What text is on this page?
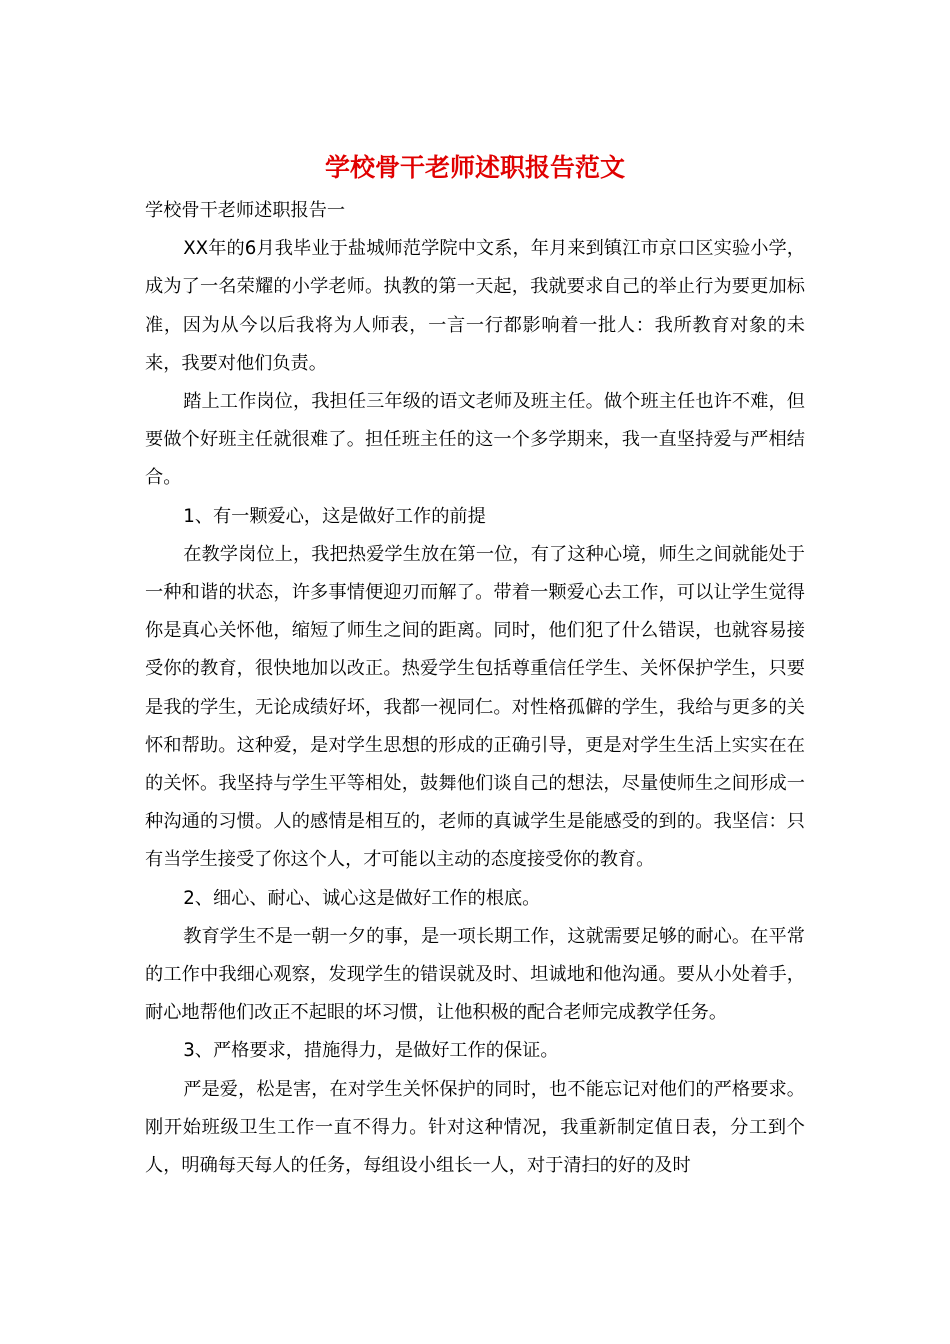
学校骨干老师述职报告范文

学校骨干老师述职报告一

XX年的6月我毕业于盐城师范学院中文系，年月来到镇江市京口区实验小学，成为了一名荣耀的小学老师。执教的第一天起，我就要求自己的举止行为要更加标准，因为从今以后我将为人师表，一言一行都影响着一批人：我所教育对象的未来，我要对他们负责。

踏上工作岗位，我担任三年级的语文老师及班主任。做个班主任也许不难，但要做个好班主任就很难了。担任班主任的这一个多学期来，我一直坚持爱与严相结合。

1、有一颗爱心，这是做好工作的前提

在教学岗位上，我把热爱学生放在第一位，有了这种心境，师生之间就能处于一种和谐的状态，许多事情便迎刃而解了。带着一颗爱心去工作，可以让学生觉得你是真心关怀他，缩短了师生之间的距离。同时，他们犯了什么错误，也就容易接受你的教育，很快地加以改正。热爱学生包括尊重信任学生、关怀保护学生，只要是我的学生，无论成绩好坏，我都一视同仁。对性格孤僻的学生，我给与更多的关怀和帮助。这种爱，是对学生思想的形成的正确引导，更是对学生生活上实实在在的关怀。我坚持与学生平等相处，鼓舞他们谈自己的想法，尽量使师生之间形成一种沟通的习惯。人的感情是相互的，老师的真诚学生是能感受的到的。我坚信：只有当学生接受了你这个人，才可能以主动的态度接受你的教育。

2、细心、耐心、诚心这是做好工作的根底。

教育学生不是一朝一夕的事，是一项长期工作，这就需要足够的耐心。在平常的工作中我细心观察，发现学生的错误就及时、坦诚地和他沟通。要从小处着手，耐心地帮他们改正不起眼的坏习惯，让他积极的配合老师完成教学任务。

3、严格要求，措施得力，是做好工作的保证。

严是爱，松是害，在对学生关怀保护的同时，也不能忘记对他们的严格要求。刚开始班级卫生工作一直不得力。针对这种情况，我重新制定值日表，分工到个人，明确每天每人的任务，每组设小组长一人，对于清扫的好的及时
